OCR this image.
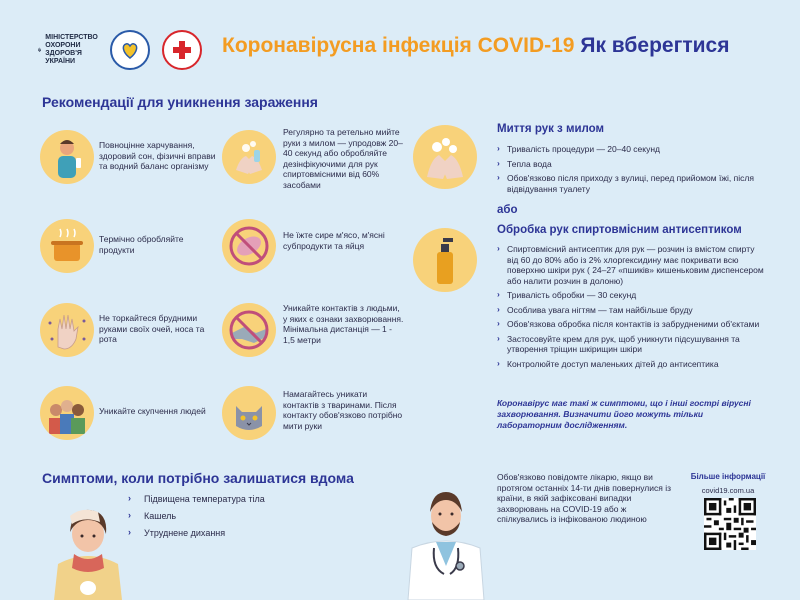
МІНІСТЕРСТВО ОХОРОНИ ЗДОРОВ'Я УКРАЇНИ
Коронавірусна інфекція COVID-19 Як вберегтися
Рекомендації для уникнення зараження
Повноцінне харчування, здоровий сон, фізичні вправи та водний баланс організму
Регулярно та ретельно мийте руки з милом — упродовж 20–40 секунд або обробляйте дезінфікуючими для рук спиртовмісними від 60% засобами
Термічно обробляйте продукти
Не їжте сире м'ясо, м'ясні субпродукти та яйця
Не торкайтеся брудними руками своїх очей, носа та рота
Уникайте контактів з людьми, у яких є ознаки захворювання. Мінімальна дистанція — 1 - 1,5 метри
Уникайте скупчення людей
Намагайтесь уникати контактів з тваринами. Після контакту обов'язково потрібно мити руки
Миття рук з милом
› Тривалість процедури — 20–40 секунд
› Тепла вода
› Обов'язково після приходу з вулиці, перед прийомом їжі, після відвідування туалету
або
Обробка рук спиртовмісним антисептиком
› Спиртовмісний антисептик для рук — розчин із вмістом спирту від 60 до 80% або із 2% хлоргексидину має покривати всю поверхню шкіри рук ( 24–27 «пшиків» кишеньковим диспенсером або налити розчин в долоню)
› Тривалість обробки — 30 секунд
› Особлива увага нігтям — там найбільше бруду
› Обов'язкова обробка після контактів із забрудненими об'єктами
› Застосовуйте крем для рук, щоб уникнути підсушування та утворення тріщин шкірищин шкіри
› Контролюйте доступ маленьких дітей до антисептика
Коронавірус має такі ж симптоми, що і інші гострі вірусні захворювання. Визначити його можуть тільки лабораторним дослідженням.
Симптоми, коли потрібно залишатися вдома
› Підвищена температура тіла
› Кашель
› Утруднене дихання
Обов'язково повідомте лікарю, якщо ви протягом останніх 14-ти днів повернулися із країни, в якій зафіксовані випадки захворювань на COVID-19 або ж спілкувались із інфікованою людиною
Більше інформації
covid19.com.ua
